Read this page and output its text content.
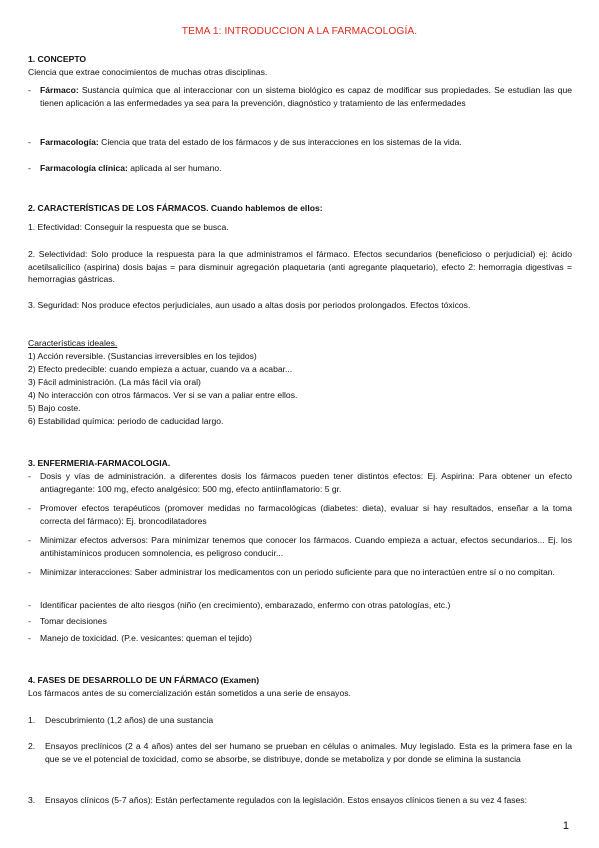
TEMA 1: INTRODUCCION A LA FARMACOLOGÍA.
1. CONCEPTO
Ciencia que extrae conocimientos de muchas otras disciplinas.
- Fármaco: Sustancia química que al interaccionar con un sistema biológico es capaz de modificar sus propiedades. Se estudian las que tienen aplicación a las enfermedades ya sea para la prevención, diagnóstico y tratamiento de las enfermedades
- Farmacología: Ciencia que trata del estado de los fármacos y de sus interacciones en los sistemas de la vida.
- Farmacología clínica: aplicada al ser humano.
2. CARACTERÍSTICAS DE LOS FÁRMACOS. Cuando hablemos de ellos:
1. Efectividad: Conseguir la respuesta que se busca.
2. Selectividad: Solo produce la respuesta para la que administramos el fármaco. Efectos secundarios (beneficioso o perjudicial) ej: ácido acetilsalicílico (aspirina) dosis bajas = para disminuir agregación plaquetaria (anti agregante plaquetario), efecto 2: hemorragia digestivas = hemorragias gástricas.
3. Seguridad: Nos produce efectos perjudiciales, aun usado a altas dosis por periodos prolongados. Efectos tóxicos.
Características ideales.
1) Acción reversible. (Sustancias irreversibles en los tejidos)
2) Efecto predecible: cuando empieza a actuar, cuando va a acabar...
3) Fácil administración. (La más fácil vía oral)
4) No interacción con otros fármacos. Ver si se van a paliar entre ellos.
5) Bajo coste.
6) Estabilidad química: periodo de caducidad largo.
3. ENFERMERIA-FARMACOLOGIA.
- Dosis y vías de administración. a diferentes dosis los fármacos pueden tener distintos efectos: Ej. Aspirina: Para obtener un efecto antiagregante: 100 mg, efecto analgésico: 500 mg, efecto antiinflamatorio: 5 gr.
- Promover efectos terapéuticos (promover medidas no farmacológicas (diabetes: dieta), evaluar si hay resultados, enseñar a la toma correcta del fármaco): Ej. broncodilatadores
- Minimizar efectos adversos: Para minimizar tenemos que conocer los fármacos. Cuando empieza a actuar, efectos secundarios... Ej. los antihistamínicos producen somnolencia, es peligroso conducir...
- Minimizar interacciones: Saber administrar los medicamentos con un periodo suficiente para que no interactúen entre sí o no compitan.
- Identificar pacientes de alto riesgos (niño (en crecimiento), embarazado, enfermo con otras patologías, etc.)
- Tomar decisiones
- Manejo de toxicidad. (P.e. vesicantes: queman el tejido)
4. FASES DE DESARROLLO DE UN FÁRMACO (Examen)
Los fármacos antes de su comercialización están sometidos a una serie de ensayos.
1. Descubrimiento (1,2 años) de una sustancia
2. Ensayos preclínicos (2 a 4 años) antes del ser humano se prueban en células o animales. Muy legislado. Esta es la primera fase en la que se ve el potencial de toxicidad, como se absorbe, se distribuye, donde se metaboliza y por donde se elimina la sustancia
3. Ensayos clínicos (5-7 años): Están perfectamente regulados con la legislación. Estos ensayos clínicos tienen a su vez 4 fases:
1
